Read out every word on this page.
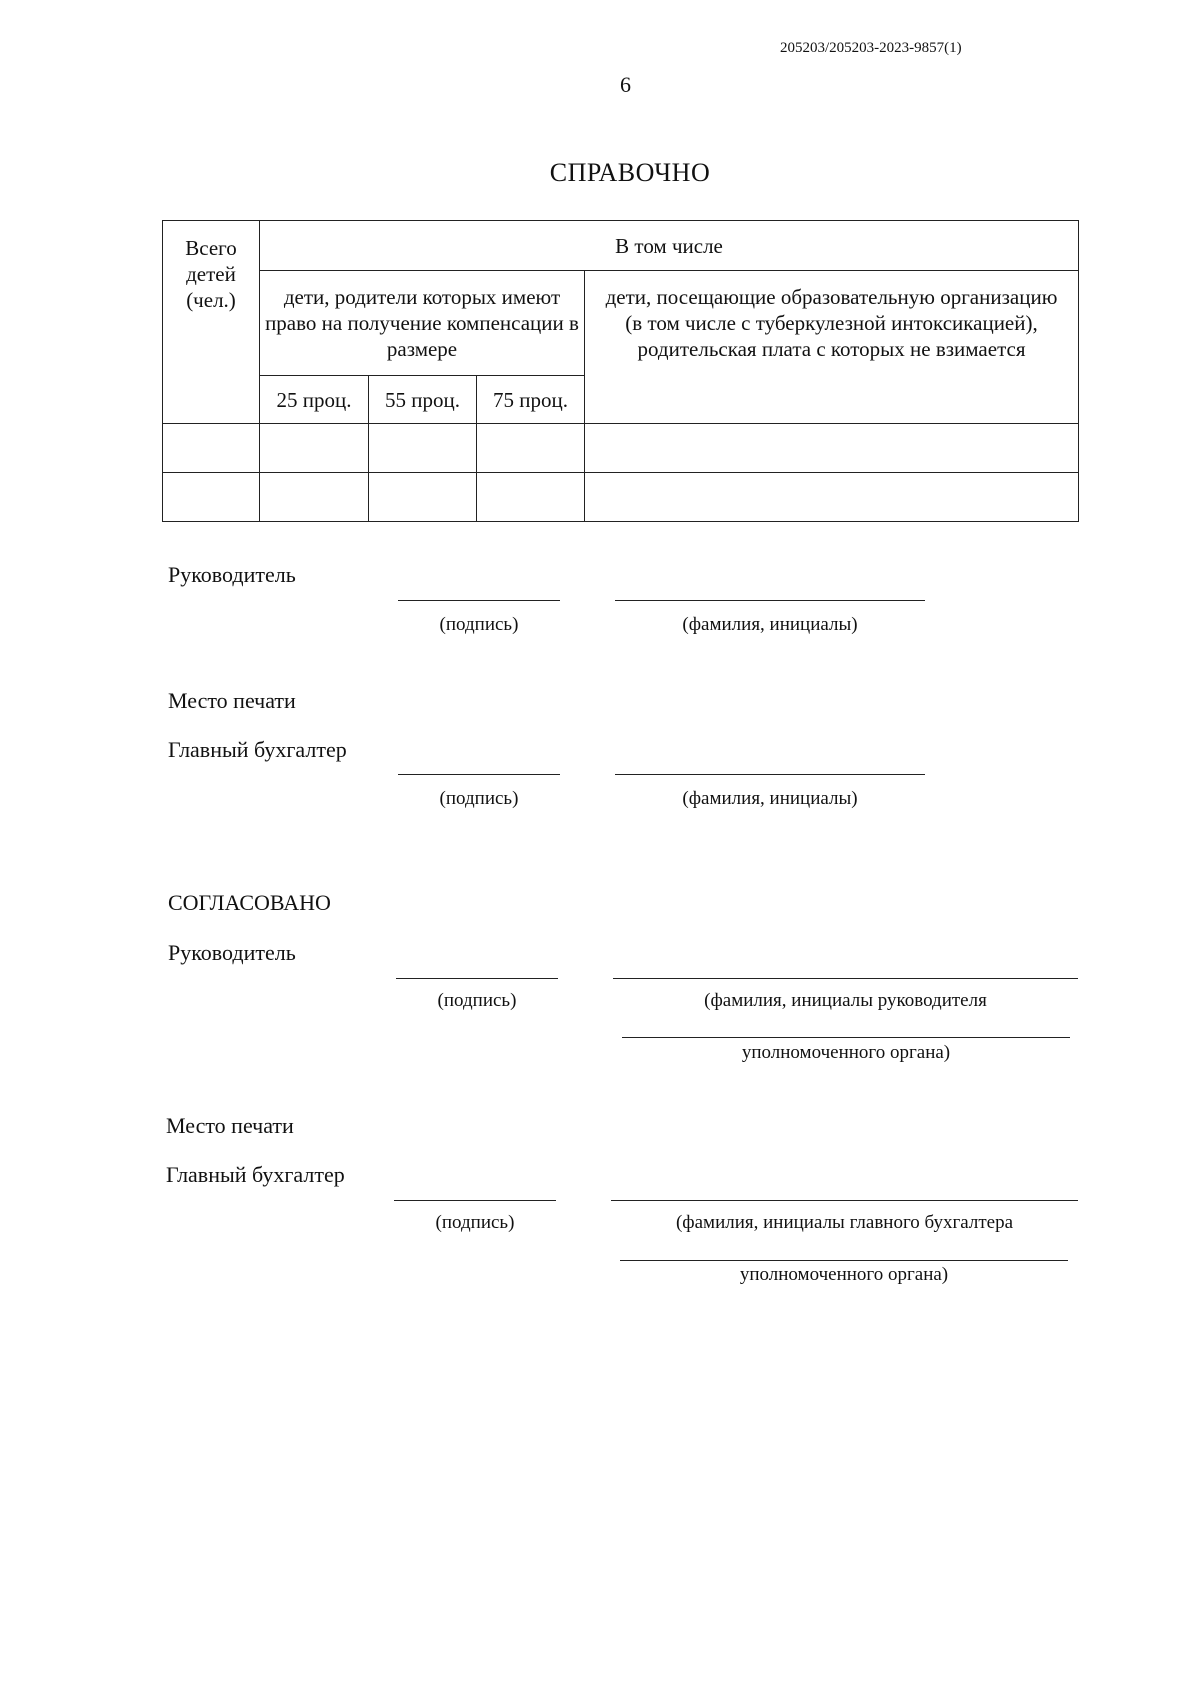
205203/205203-2023-9857(1)
6
СПРАВОЧНО
Всего детей (чел.)	В том числе			
	дети, родители которых имеют право на получение компенсации в размере			дети, посещающие образовательную организацию (в том числе с туберкулезной интоксикацией), родительская плата с которых не взимается
	25 проц.	55 проц.	75 проц.	

Руководитель
(подпись)	(фамилия, инициалы)
Место печати
Главный бухгалтер
(подпись)	(фамилия, инициалы)
СОГЛАСОВАНО
Руководитель
(подпись)	(фамилия, инициалы руководителя
уполномоченного органа)
Место печати
Главный бухгалтер
(подпись)	(фамилия, инициалы главного бухгалтера
уполномоченного органа)
